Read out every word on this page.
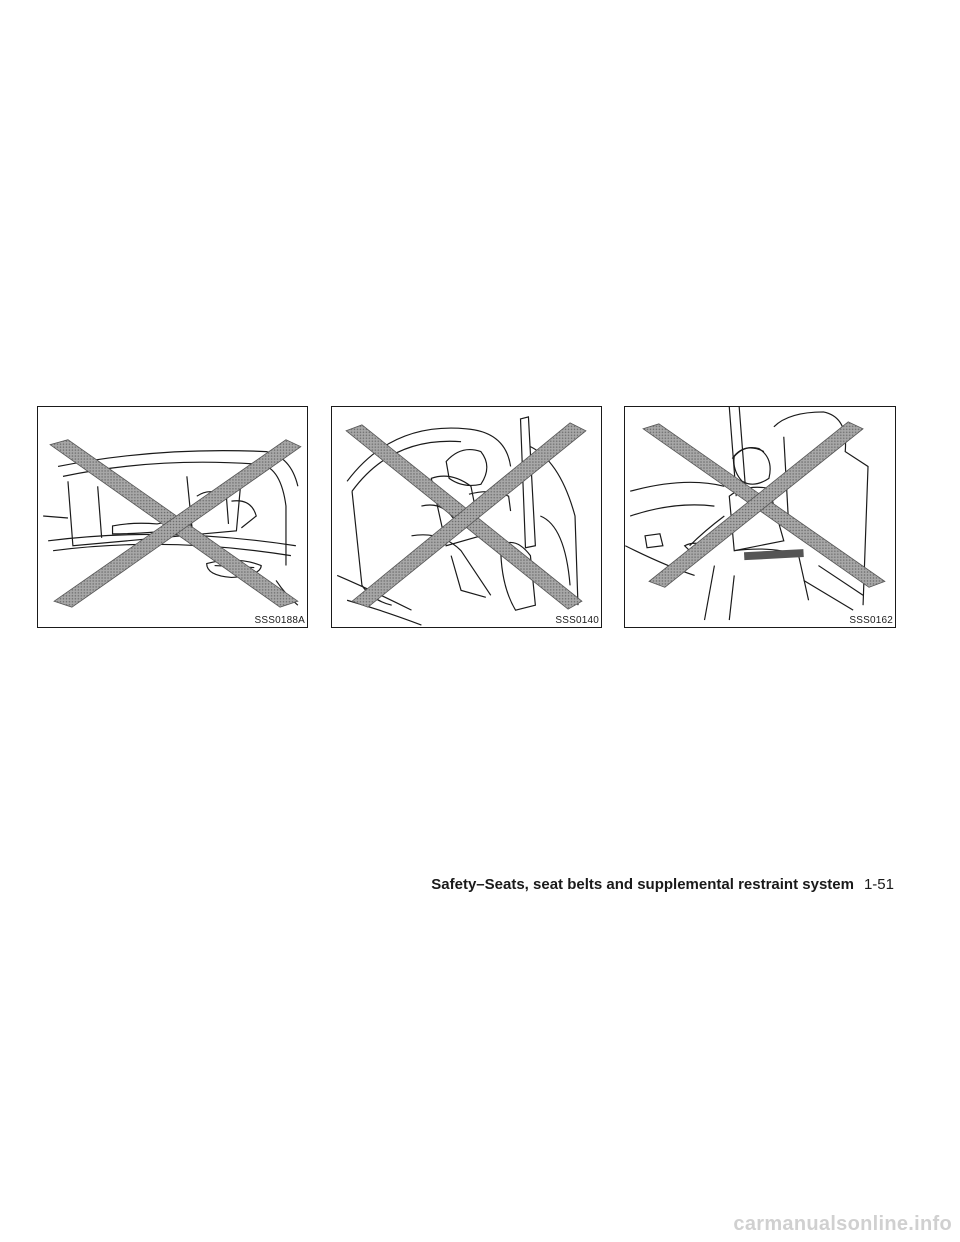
SSS0188A	SSS0140	SSS0162
Safety–Seats, seat belts and supplemental restraint system 1-51
carmanualsonline.info
